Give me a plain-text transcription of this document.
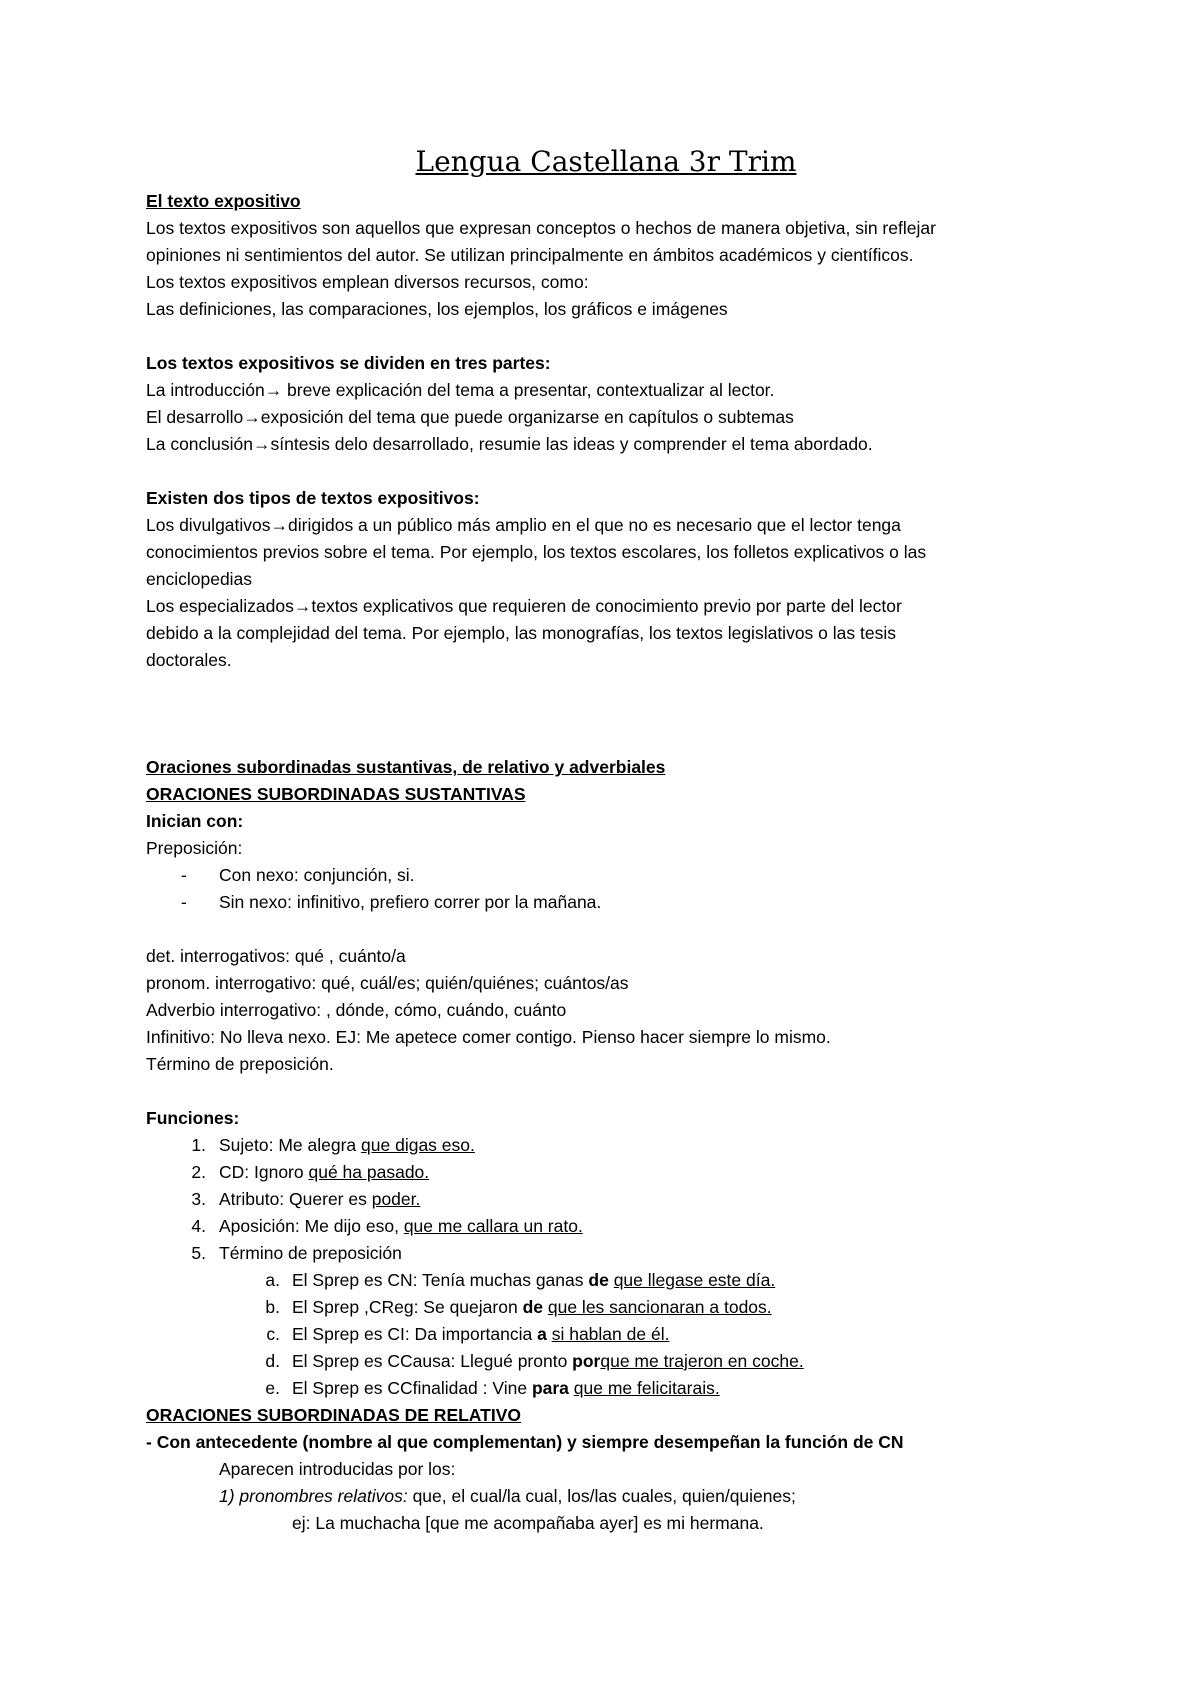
Lengua Castellana 3r Trim

El texto expositivo

Los textos expositivos son aquellos que expresan conceptos o hechos de manera objetiva, sin reflejar

opiniones ni sentimientos del autor. Se utilizan principalmente en ámbitos académicos y científicos.

Los textos expositivos emplean diversos recursos, como:

Las definiciones, las comparaciones, los ejemplos, los gráficos e imágenes

Los textos expositivos se dividen en tres partes:

La introducción→ breve explicación del tema a presentar, contextualizar al lector.

El desarrollo→exposición del tema que puede organizarse en capítulos o subtemas

La conclusión→síntesis delo desarrollado, resumie las ideas y comprender el tema abordado.

Existen dos tipos de textos expositivos:

Los divulgativos→dirigidos a un público más amplio en el que no es necesario que el lector tenga

conocimientos previos sobre el tema. Por ejemplo, los textos escolares, los folletos explicativos o las

enciclopedias

Los especializados→textos explicativos que requieren de conocimiento previo por parte del lector

debido a la complejidad del tema. Por ejemplo, las monografías, los textos legislativos o las tesis

doctorales.

Oraciones subordinadas sustantivas, de relativo y adverbiales

ORACIONES SUBORDINADAS SUSTANTIVAS

Inician con:

Preposición:

- Con nexo: conjunción, si.

- Sin nexo: infinitivo, prefiero correr por la mañana.

det. interrogativos: qué , cuánto/a

pronom. interrogativo: qué, cuál/es; quién/quiénes; cuántos/as

Adverbio interrogativo: , dónde, cómo, cuándo, cuánto

Infinitivo: No lleva nexo. EJ: Me apetece comer contigo. Pienso hacer siempre lo mismo.

Término de preposición.

Funciones:

1. Sujeto: Me alegra que digas eso.

2. CD: Ignoro qué ha pasado.

3. Atributo: Querer es poder.

4. Aposición: Me dijo eso, que me callara un rato.

5. Término de preposición

a. El Sprep es CN: Tenía muchas ganas de que llegase este día.

b. El Sprep ,CReg: Se quejaron de que les sancionaran a todos.

c. El Sprep es CI: Da importancia a si hablan de él.

d. El Sprep es CCausa: Llegué pronto porque me trajeron en coche.

e. El Sprep es CCfinalidad : Vine para que me felicitarais.

ORACIONES SUBORDINADAS DE RELATIVO

- Con antecedente (nombre al que complementan) y siempre desempeñan la función de CN

Aparecen introducidas por los:

1) pronombres relativos: que, el cual/la cual, los/las cuales, quien/quienes;

ej: La muchacha [que me acompañaba ayer] es mi hermana.
